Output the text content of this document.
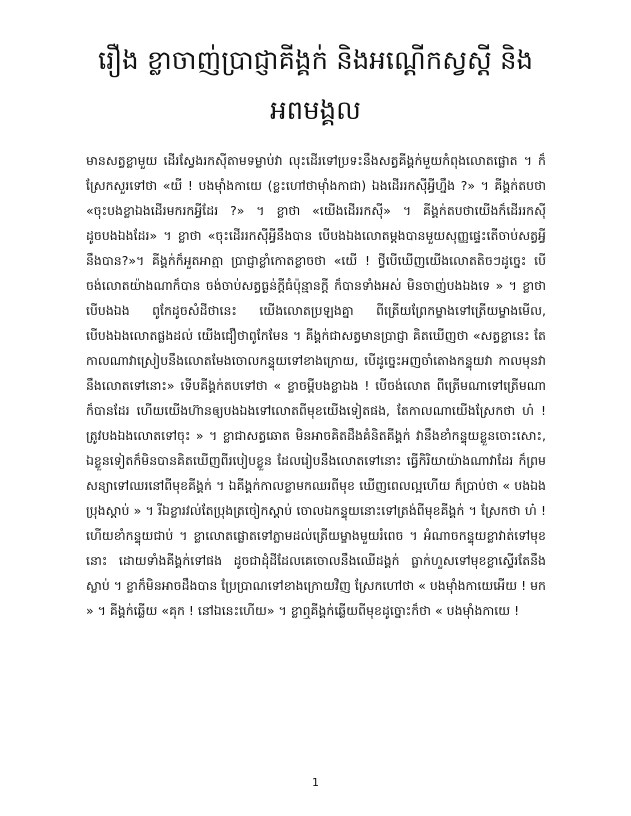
រឿង ខ្លាចាញ់ប្រាជ្ញាគីង្គក់ និងអណ្តើកស្វស្តី និង អពមង្គល

មានសត្វខ្លាមួយ ដើរស្វែងរកស៊ីតាមទម្លាប់វា លុះដើរទៅប្រទះនឹងសត្វគីង្គក់មួយកំពុងលោតផ្លោត ។ ក៏ស្រែកសួរទៅថា «យី ! បងម៉ាំងកាយេ (ខ្លះហៅថាម៉ាំងកាជា) ឯងដើររកស៊ីអ្វីហ្នឹង ?» ។ គីង្គក់តបថា «ចុះបងខ្លាឯងដើរមករកអ្វីដែរ ?» ។ ខ្លាថា «យើងដើររកស៊ី» ។ គីង្គក់តបថាយើងក៏ដើររកស៊ី ដូចបងឯងដែរ» ។ ខ្លាថា «ចុះដើររកស៊ីអ្វីនឹងបាន បើបងឯងលោតម្តងបានមួយសុញ្ញផ្ទេះតើចាប់សត្វអ្វីនឹងបាន?»។ គីង្គក់ក៏អួតអាត្មា ប្រាជ្ញាខ្លាំកោតខ្លាចថា «យើ ! ថ្វីបើឃើញយើងលោតតិចៗដូច្នេះ បើចង់លោតយ៉ាងណាក៏បាន ចង់ចាប់សត្វធ្ងន់ក្តីធំប៉ុន្មានក្តី ក៏បានទាំងអស់ មិនចាញ់បងឯងទេ » ។ ខ្លាថា បើបងឯង ពូកែដូចសំដីថានេះ យើងលោតប្រឡងគ្នា ពីត្រើយព្រែកម្ខាងទៅត្រើយម្ខាងមើល, បើបងឯងលោតផ្លងដល់ យើងជឿថាពូកែមែន ។ គីង្គក់ជាសត្វមានប្រាជ្ញា គិតឃើញថា «សត្វខ្លានេះ តែកាលណាវាស្រៀបនឹងលោតមែងចោលកន្ទុយទៅខាងក្រោយ, បើដូច្នេះអញចាំតោងកន្ទុយវា កាលមុនវានឹងលោតទៅនោះ» ទើបគីង្គក់តបទៅថា « ខ្លាចម្ពីបងខ្លាឯង ! បើចង់លោត ពីត្រើមណាទៅត្រើមណា ក៏បានដែរ ហើយយើងហ៊ានឲ្យបងឯងទៅលោតពីមុខយើងទៀតផង, តែកាលណាយើងស្រែកថា ហ៎ ! ត្រូវបងឯងលោតទៅចុះ » ។ ខ្លាជាសត្វឆោត មិនអាចគិតដឹងគំនិតគីង្គក់ វានឹងខាំកន្ទុយខ្លួនចោះសោះ, ឯខ្លួនទៀតក៏មិនបានគិតឃើញពីរបៀបខ្លួន ដែលរៀបនឹងលោតទៅនោះ ធ្វើកិរិយាយ៉ាងណាវាដែរ ក៏ព្រមសន្យាទៅឈរនៅពីមុខគីង្គក់ ។ ឯគីង្គក់កាលខ្លាមកឈរពីមុខ ឃើញពេលល្អហើយ ក៏ប្រាប់ថា « បងឯងប្រុងស្តាប់ » ។ រីឯខ្លារវល់តែប្រុងត្រចៀកស្តាប់ ចោលឯកន្ទុយនោះទៅត្រង់ពីមុខគីង្គក់ ។ ស្រែកថា ហ៎ ! ហើយខាំកន្ទុយជាប់ ។ ខ្លាលោតផ្លោតទៅភ្លាមដល់ត្រើយម្ខាងមួយរំពេច ។ អំណាចកន្ទុយខ្លាវាត់ទៅមុខនោះ ដោយទាំងគីង្គក់ទៅផង ដូចជាដុំដីដែលគេចោលនឹងឈើដង្គក់ ធ្លាក់ហួសទៅមុខខ្លាស្ទើរតែនឹងស្លាប់ ។ ខ្លាក៏មិនអាចដឹងបាន ប្រែប្រាណទៅខាងក្រោយវិញ ស្រែកហៅថា « បងម៉ាំងកាយេអើយ ! មក » ។ គីង្គក់ឆ្លើយ «គុក ! នៅឯនេះហើយ» ។ ខ្លាឮគីង្គក់ឆ្លើយពីមុខដូច្នោះក៏ថា « បងម៉ាំងកាយេ !

1
